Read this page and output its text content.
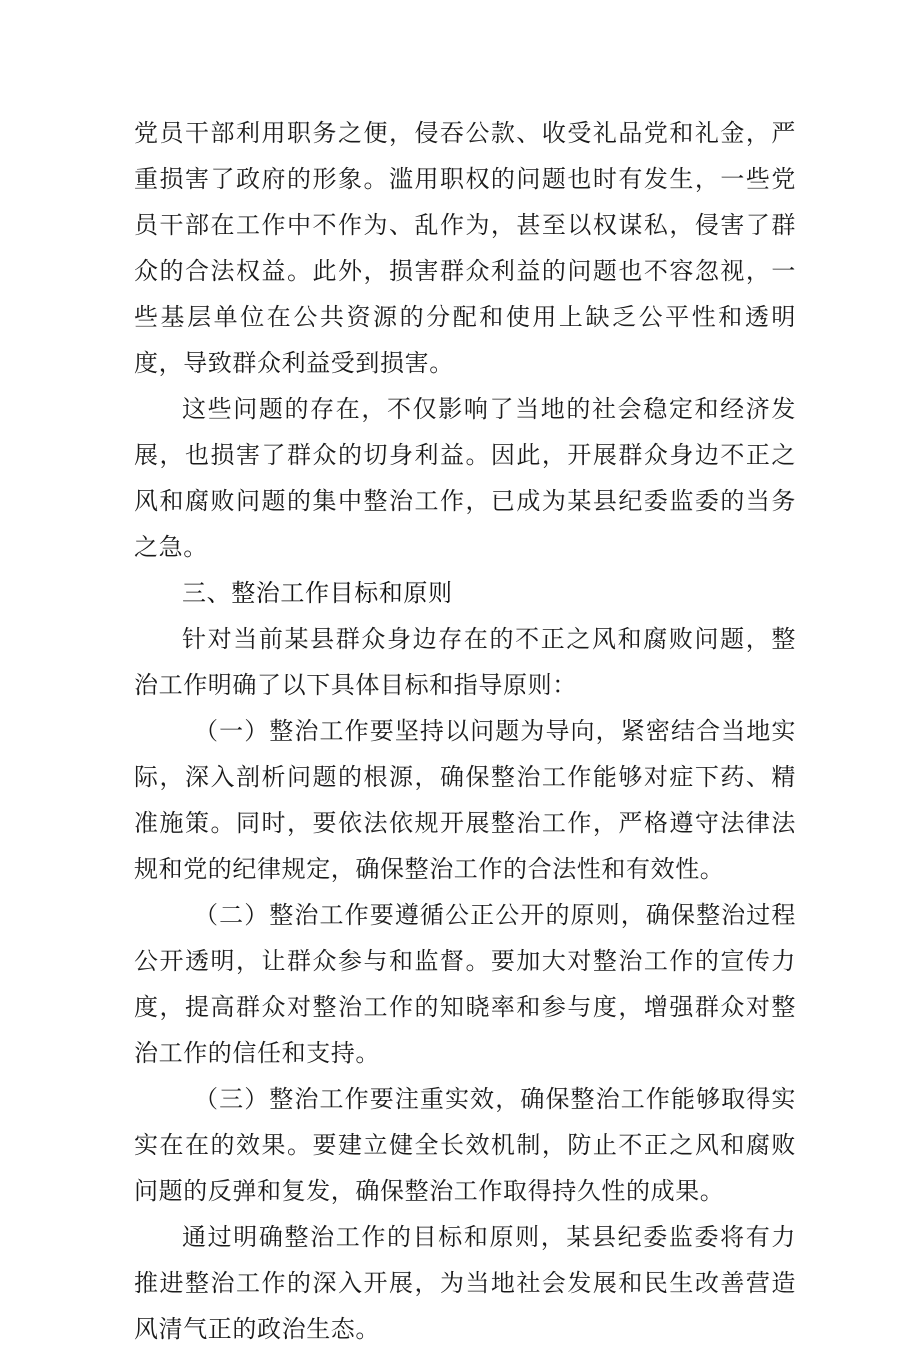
党员干部利用职务之便，侵吞公款、收受礼品党和礼金，严重损害了政府的形象。滥用职权的问题也时有发生，一些党员干部在工作中不作为、乱作为，甚至以权谋私，侵害了群众的合法权益。此外，损害群众利益的问题也不容忽视，一些基层单位在公共资源的分配和使用上缺乏公平性和透明度，导致群众利益受到损害。

这些问题的存在，不仅影响了当地的社会稳定和经济发展，也损害了群众的切身利益。因此，开展群众身边不正之风和腐败问题的集中整治工作，已成为某县纪委监委的当务之急。

三、整治工作目标和原则

针对当前某县群众身边存在的不正之风和腐败问题，整治工作明确了以下具体目标和指导原则：

（一）整治工作要坚持以问题为导向，紧密结合当地实际，深入剖析问题的根源，确保整治工作能够对症下药、精准施策。同时，要依法依规开展整治工作，严格遵守法律法规和党的纪律规定，确保整治工作的合法性和有效性。

（二）整治工作要遵循公正公开的原则，确保整治过程公开透明，让群众参与和监督。要加大对整治工作的宣传力度，提高群众对整治工作的知晓率和参与度，增强群众对整治工作的信任和支持。

（三）整治工作要注重实效，确保整治工作能够取得实实在在的效果。要建立健全长效机制，防止不正之风和腐败问题的反弹和复发，确保整治工作取得持久性的成果。

通过明确整治工作的目标和原则，某县纪委监委将有力推进整治工作的深入开展，为当地社会发展和民生改善营造风清气正的政治生态。
